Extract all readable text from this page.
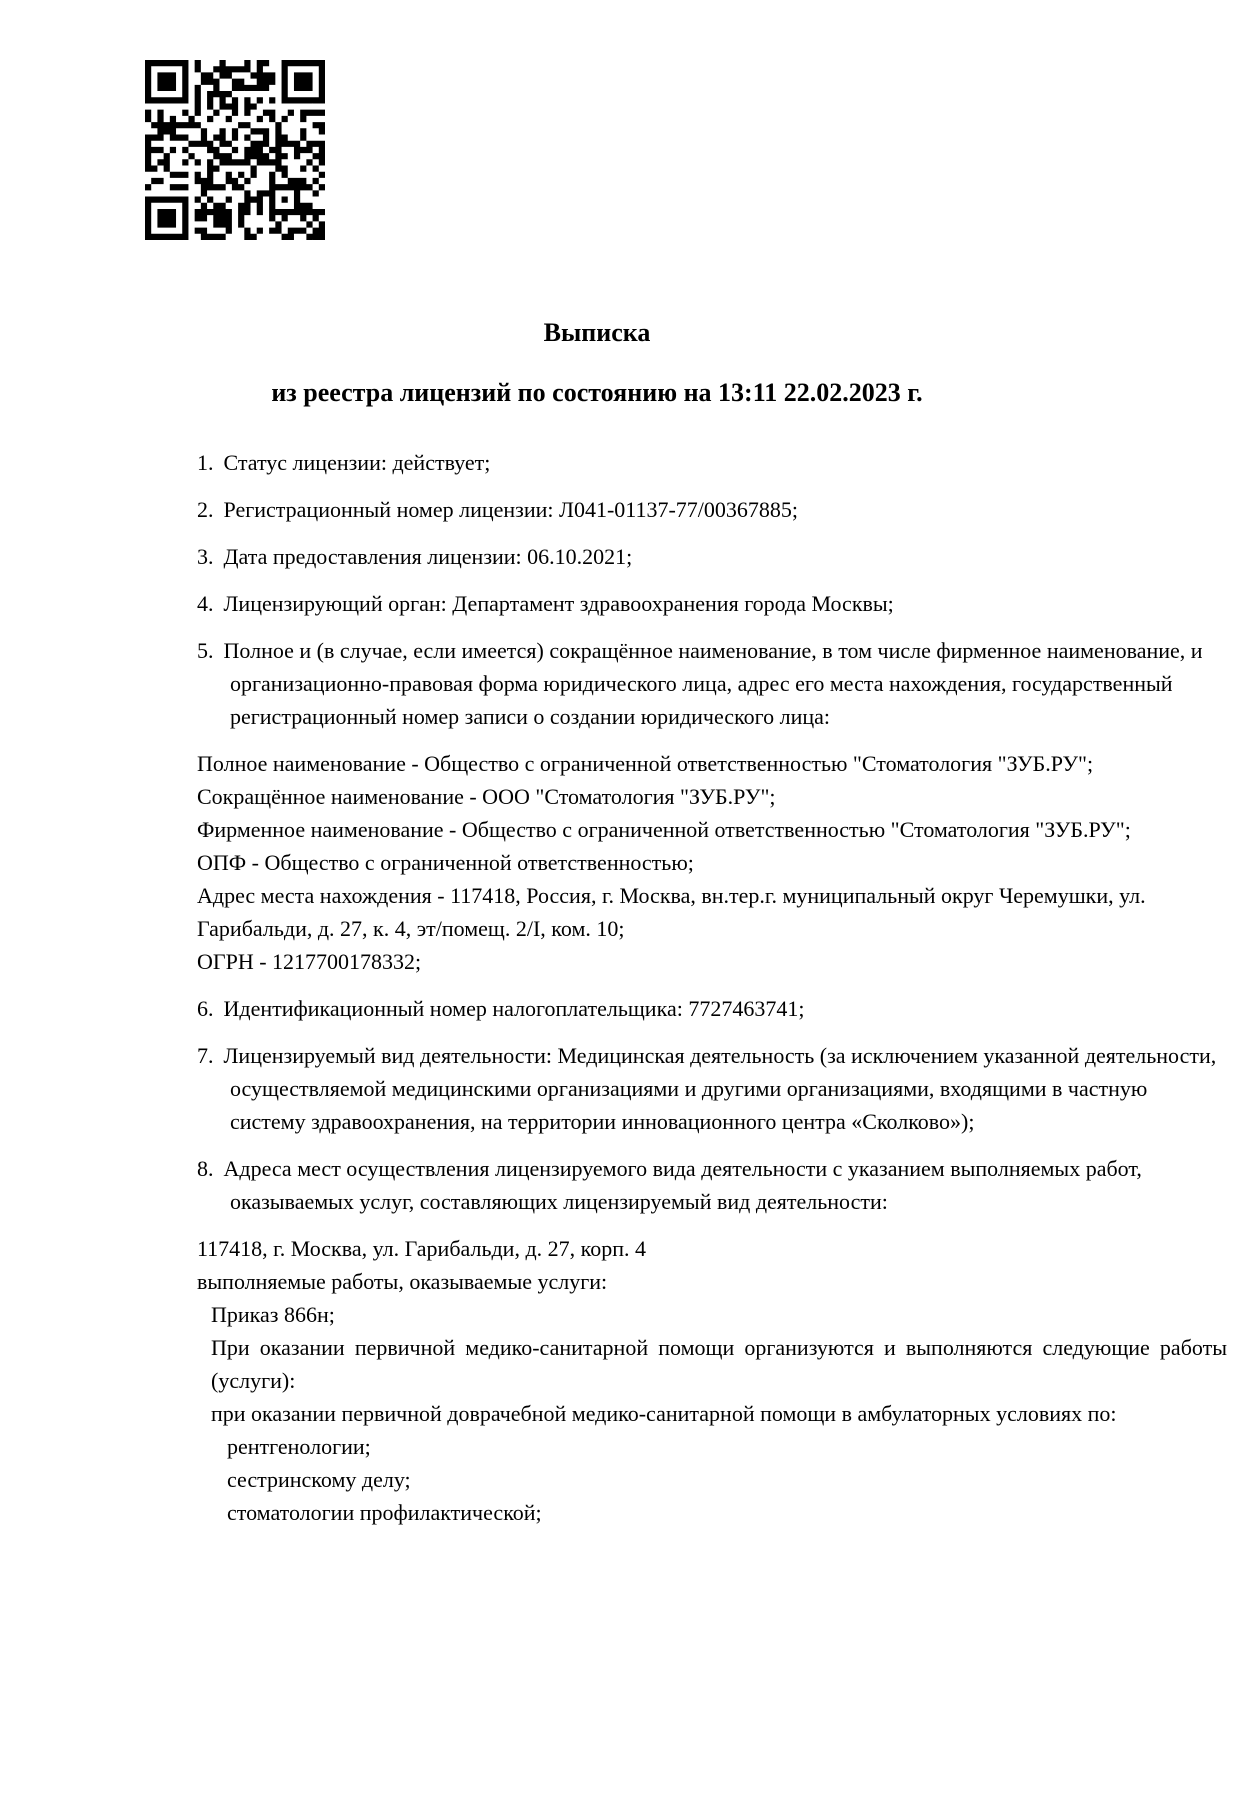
Выписка
из реестра лицензий по состоянию на 13:11 22.02.2023 г.

1. Статус лицензии: действует;

2. Регистрационный номер лицензии: Л041-01137-77/00367885;

3. Дата предоставления лицензии: 06.10.2021;

4. Лицензирующий орган: Департамент здравоохранения города Москвы;

5. Полное и (в случае, если имеется) сокращённое наименование, в том числе фирменное наименование, и организационно-правовая форма юридического лица, адрес его места нахождения, государственный регистрационный номер записи о создании юридического лица:

Полное наименование - Общество с ограниченной ответственностью "Стоматология "ЗУБ.РУ";

Сокращённое наименование - ООО "Стоматология "ЗУБ.РУ";

Фирменное наименование - Общество с ограниченной ответственностью "Стоматология "ЗУБ.РУ";

ОПФ - Общество с ограниченной ответственностью;

Адрес места нахождения - 117418, Россия, г. Москва, вн.тер.г. муниципальный округ Черемушки, ул. Гарибальди, д. 27, к. 4, эт/помещ. 2/I, ком. 10;

ОГРН - 1217700178332;

6. Идентификационный номер налогоплательщика: 7727463741;

7. Лицензируемый вид деятельности: Медицинская деятельность (за исключением указанной деятельности, осуществляемой медицинскими организациями и другими организациями, входящими в частную систему здравоохранения, на территории инновационного центра «Сколково»);

8. Адреса мест осуществления лицензируемого вида деятельности с указанием выполняемых работ, оказываемых услуг, составляющих лицензируемый вид деятельности:

117418, г. Москва, ул. Гарибальди, д. 27, корп. 4

выполняемые работы, оказываемые услуги:

Приказ 866н;

При оказании первичной медико-санитарной помощи организуются и выполняются следующие работы (услуги):

при оказании первичной доврачебной медико-санитарной помощи в амбулаторных условиях по:

рентгенологии;

сестринскому делу;

стоматологии профилактической;
